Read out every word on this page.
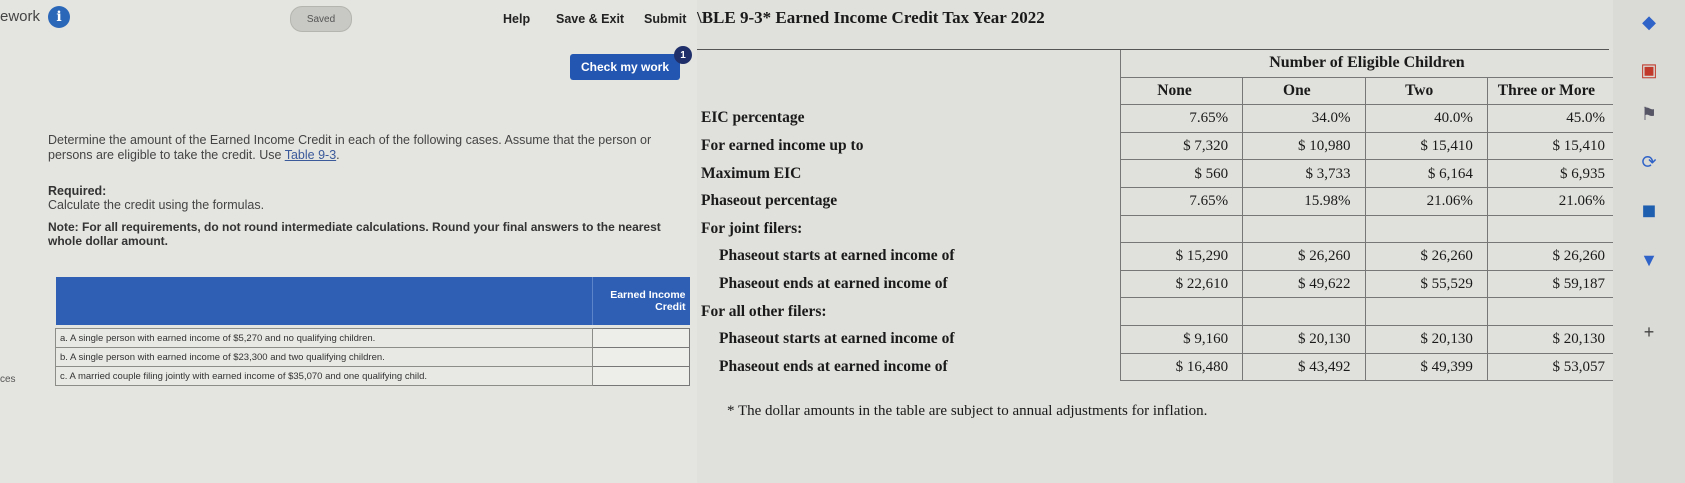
ework	i	Saved	Help Save & Exit Submit
Check my work
1
Determine the amount of the Earned Income Credit in each of the following cases. Assume that the person or persons are eligible to take the credit. Use Table 9-3.
Required:
Calculate the credit using the formulas.
Note: For all requirements, do not round intermediate calculations. Round your final answers to the nearest whole dollar amount.
	Earned Income Credit

a. A single person with earned income of $5,270 and no qualifying children.	
b. A single person with earned income of $23,300 and two qualifying children.	
c. A married couple filing jointly with earned income of $35,070 and one qualifying child.	
ces
\BLE 9-3* Earned Income Credit Tax Year 2022
	Number of Eligible Children			
	None	One	Two	Three or More
EIC percentage	7.65%	34.0%	40.0%	45.0%
For earned income up to	$ 7,320	$ 10,980	$ 15,410	$ 15,410
Maximum EIC	$ 560	$ 3,733	$ 6,164	$ 6,935
Phaseout percentage	7.65%	15.98%	21.06%	21.06%
For joint filers:				
Phaseout starts at earned income of	$ 15,290	$ 26,260	$ 26,260	$ 26,260
Phaseout ends at earned income of	$ 22,610	$ 49,622	$ 55,529	$ 59,187
For all other filers:				
Phaseout starts at earned income of	$ 9,160	$ 20,130	$ 20,130	$ 20,130
Phaseout ends at earned income of	$ 16,480	$ 43,492	$ 49,399	$ 53,057
* The dollar amounts in the table are subject to annual adjustments for inflation.
◆
▣
⚑
⟳
◼
▼
+
